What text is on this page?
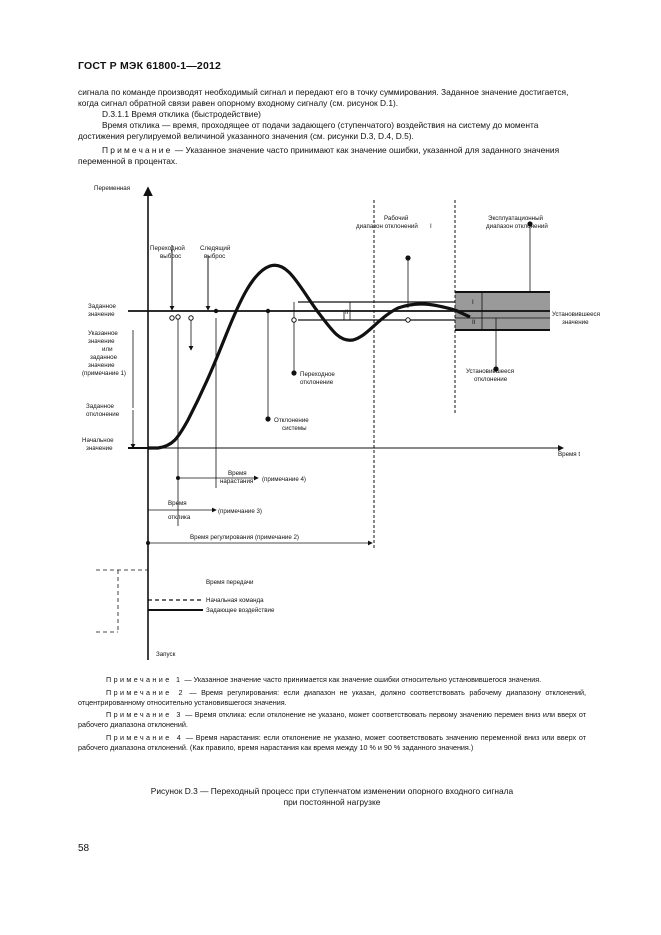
ГОСТ Р МЭК 61800-1—2012

сигнала по команде производят необходимый сигнал и передают его в точку суммирования. Заданное значение достигается, когда сигнал обратной связи равен опорному входному сигналу (см. рисунок D.1).

D.3.1.1 Время отклика (быстродействие)

Время отклика — время, проходящее от подачи задающего (ступенчатого) воздействия на систему до момента достижения регулируемой величиной указанного значения (см. рисунки D.3, D.4, D.5).

Примечание — Указанное значение часто принимают как значение ошибки, указанной для заданного значения переменной в процентах.

Переменная
Время t
Переходной
выброс
Следящий
выброс
Рабочий
диапазон отклонений I
Эксплуатационный
диапазон отклонений
Заданное
значение
Указанное
значение
или
заданное
значение
(примечание 1)
Заданное
отклонение
Начальное
значение
Переходное
отклонение
Отклонение
системы
Установившееся
значение
Установившееся
отклонение
Время
нарастания (примечание 4)
Время
отклика
(примечание 3)
Время регулирования (примечание 2)
Время передачи
Начальная команда
Задающее воздействие
Запуск
II
I
II

Примечание 1 — Указанное значение часто принимается как значение ошибки относительно установившегося значения.

Примечание 2 — Время регулирования: если диапазон не указан, должно соответствовать рабочему диапазону отклонений, отцентрированному относительно установившегося значения.

Примечание 3 — Время отклика: если отклонение не указано, может соответствовать первому значению перемен вниз или вверх от рабочего диапазона отклонений.

Примечание 4 — Время нарастания: если отклонение не указано, может соответствовать значению переменной вниз или вверх от рабочего диапазона отклонений. (Как правило, время нарастания как время между 10 % и 90 % заданного значения.)

Рисунок D.3 — Переходный процесс при ступенчатом изменении опорного входного сигнала
при постоянной нагрузке
58
